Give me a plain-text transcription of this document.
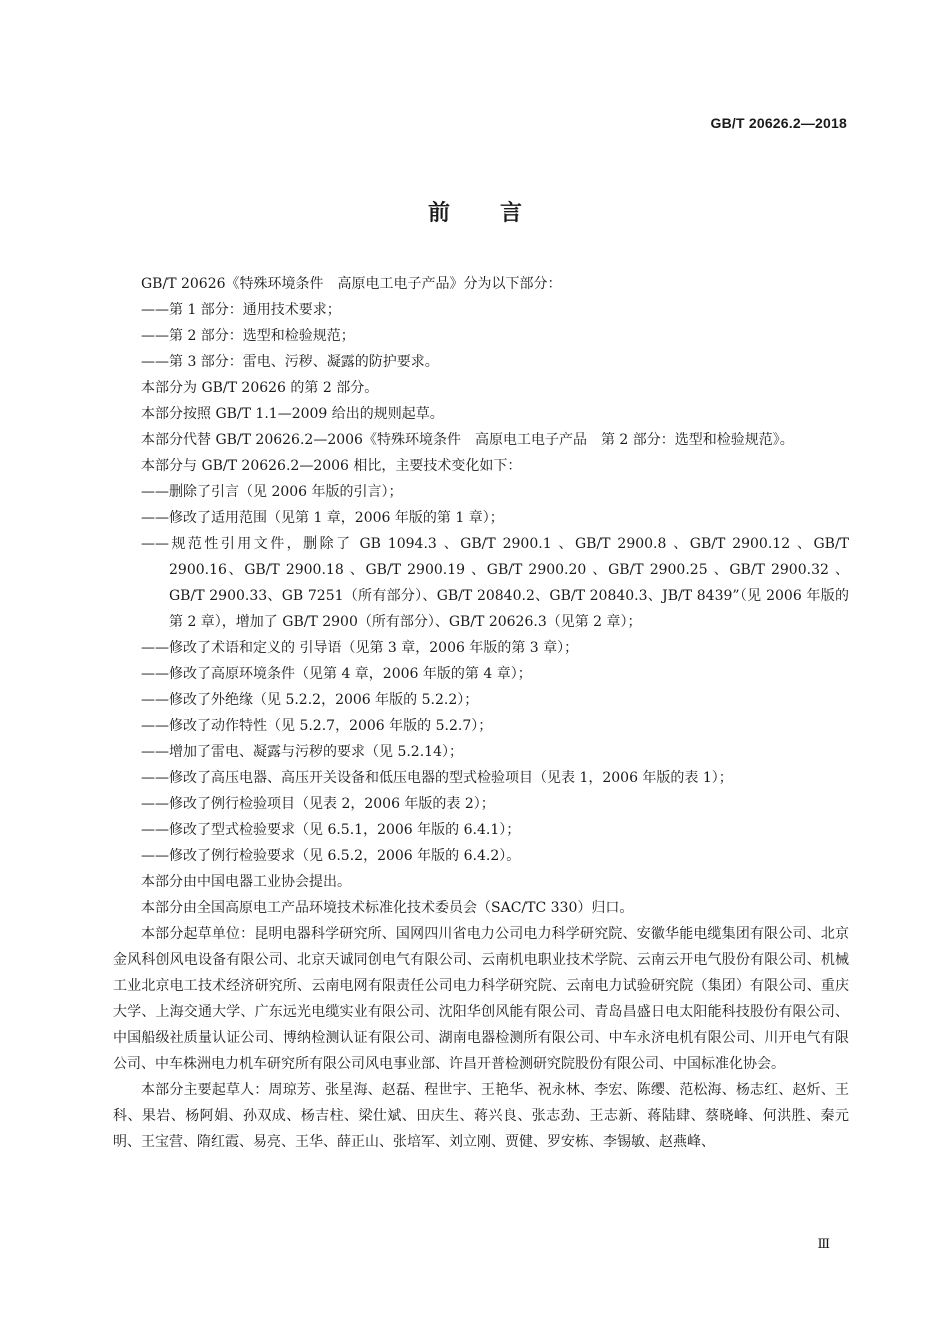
GB/T 20626.2—2018
前言
GB/T 20626《特殊环境条件　高原电工电子产品》分为以下部分：
——第 1 部分：通用技术要求；
——第 2 部分：选型和检验规范；
——第 3 部分：雷电、污秽、凝露的防护要求。
本部分为 GB/T 20626 的第 2 部分。
本部分按照 GB/T 1.1—2009 给出的规则起草。
本部分代替 GB/T 20626.2—2006《特殊环境条件　高原电工电子产品　第 2 部分：选型和检验规范》。
本部分与 GB/T 20626.2—2006 相比，主要技术变化如下：
——删除了引言（见 2006 年版的引言）；
——修改了适用范围（见第 1 章，2006 年版的第 1 章）；
——规范性引用文件，删除了 GB 1094.3 、GB/T 2900.1 、GB/T 2900.8 、GB/T 2900.12 、GB/T 2900.16、GB/T 2900.18 、GB/T 2900.19 、GB/T 2900.20 、GB/T 2900.25 、GB/T 2900.32 、GB/T 2900.33、GB 7251（所有部分）、GB/T 20840.2、GB/T 20840.3、JB/T 8439”（见 2006 年版的第 2 章），增加了 GB/T 2900（所有部分）、GB/T 20626.3（见第 2 章）；
——修改了术语和定义的 引导语（见第 3 章，2006 年版的第 3 章）；
——修改了高原环境条件（见第 4 章，2006 年版的第 4 章）；
——修改了外绝缘（见 5.2.2，2006 年版的 5.2.2）；
——修改了动作特性（见 5.2.7，2006 年版的 5.2.7）；
——增加了雷电、凝露与污秽的要求（见 5.2.14）；
——修改了高压电器、高压开关设备和低压电器的型式检验项目（见表 1，2006 年版的表 1）；
——修改了例行检验项目（见表 2，2006 年版的表 2）；
——修改了型式检验要求（见 6.5.1，2006 年版的 6.4.1）；
——修改了例行检验要求（见 6.5.2，2006 年版的 6.4.2）。
本部分由中国电器工业协会提出。
本部分由全国高原电工产品环境技术标准化技术委员会（SAC/TC 330）归口。
本部分起草单位：昆明电器科学研究所、国网四川省电力公司电力科学研究院、安徽华能电缆集团有限公司、北京金风科创风电设备有限公司、北京天诚同创电气有限公司、云南机电职业技术学院、云南云开电气股份有限公司、机械工业北京电工技术经济研究所、云南电网有限责任公司电力科学研究院、云南电力试验研究院（集团）有限公司、重庆大学、上海交通大学、广东远光电缆实业有限公司、沈阳华创风能有限公司、青岛昌盛日电太阳能科技股份有限公司、中国船级社质量认证公司、博纳检测认证有限公司、湖南电器检测所有限公司、中车永济电机有限公司、川开电气有限公司、中车株洲电力机车研究所有限公司风电事业部、许昌开普检测研究院股份有限公司、中国标准化协会。
本部分主要起草人：周琼芳、张星海、赵磊、程世宇、王艳华、祝永林、李宏、陈缨、范松海、杨志红、赵炘、王科、果岩、杨阿娟、孙双成、杨吉柱、梁仕斌、田庆生、蒋兴良、张志劲、王志新、蒋陆肆、蔡晓峰、何洪胜、秦元明、王宝营、隋红霞、易亮、王华、薛正山、张培军、刘立刚、贾健、罗安栋、李锡敏、赵燕峰、
Ⅲ
